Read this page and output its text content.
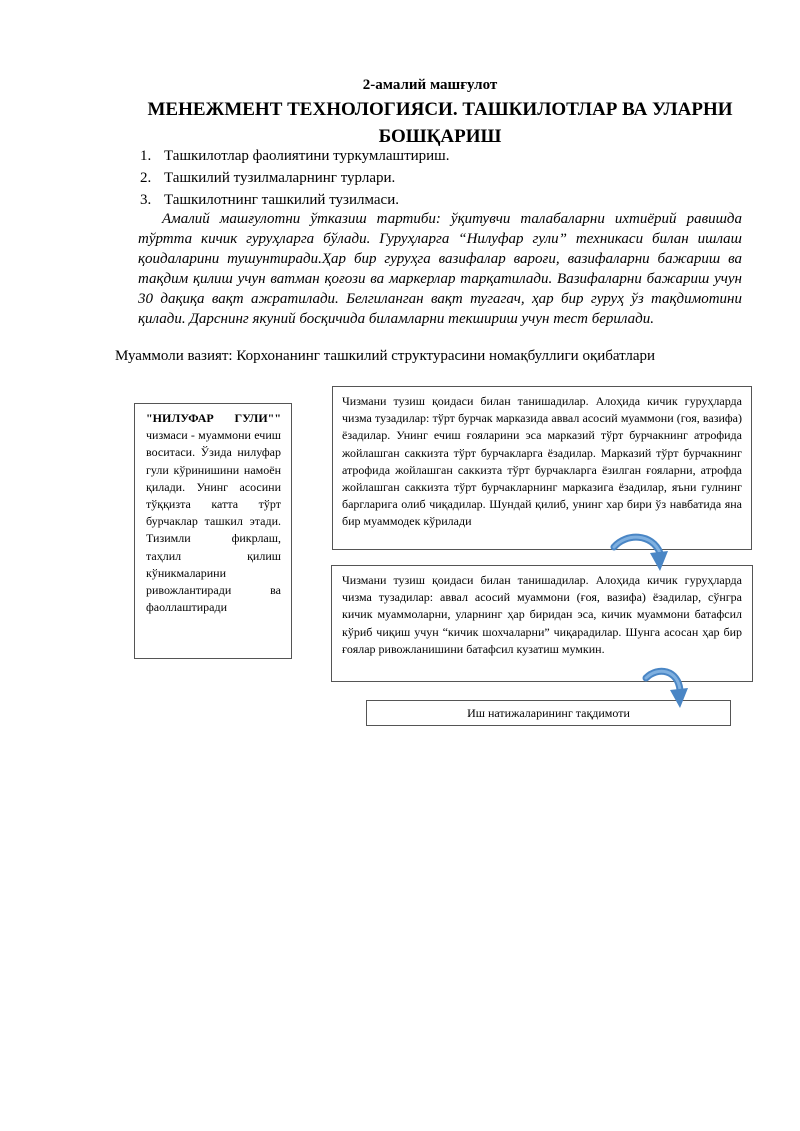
2-амалий машғулот
МЕНЕЖМЕНТ ТЕХНОЛОГИЯСИ. ТАШКИЛОТЛАР ВА УЛАРНИ БОШҚАРИШ
1. Ташкилотлар фаолиятини туркумлаштириш.
2. Ташкилий тузилмаларнинг турлари.
3. Ташкилотнинг ташкилий тузилмаси.
Амалий машғулотни ўтказиш тартиби: ўқитувчи талабаларни ихтиёрий равишда тўртта кичик гуруҳларга бўлади. Гуруҳларга “Нилуфар гули” техникаси билан ишлаш қоидаларини тушунтиради.Ҳар бир гуруҳга вазифалар вароғи, вазифаларни бажариш ва тақдим қилиш учун ватман қоғози ва маркерлар тарқатилади. Вазифаларни бажариш учун 30 дақиқа вақт ажратилади. Белгиланган вақт тугагач, ҳар бир гуруҳ ўз тақдимотини қилади. Дарснинг якуний босқичида биламларни текшириш учун тест берилади.
Муаммоли вазият: Корхонанинг ташкилий структурасини номақбуллиги оқибатлари
"НИЛУФАР ГУЛИ"" чизмаси - муаммони ечиш воситаси. Ўзида нилуфар гули кўринишини намоён қилади. Унинг асосини тўққизта катта тўрт бурчаклар ташкил этади. Тизимли фикрлаш, таҳлил қилиш кўникмаларини ривожлантиради ва фаоллаштиради
Чизмани тузиш қоидаси билан танишадилар. Алоҳида кичик гуруҳларда чизма тузадилар: тўрт бурчак марказида аввал асосий муаммони (гоя, вазифа) ёзадилар. Унинг ечиш ғояларини эса марказий тўрт бурчакнинг атрофида жойлашган саккизта тўрт бурчакларга ёзадилар. Марказий тўрт бурчакнинг атрофида жойлашган саккизта тўрт бурчакларга ёзилган ғояларни, атрофда жойлашган саккизта тўрт бурчакларнинг марказига ёзадилар, яъни гулнинг баргларига олиб чиқадилар. Шундай қилиб, унинг хар бири ўз навбатида яна бир муаммодек кўрилади
Чизмани тузиш қоидаси билан танишадилар. Алоҳида кичик гуруҳларда чизма тузадилар: аввал асосий муаммони (ғоя, вазифа) ёзадилар, сўнгра кичик муаммоларни, уларнинг ҳар биридан эса, кичик муаммони батафсил кўриб чиқиш учун “кичик шохчаларни” чиқарадилар. Шунга асосан ҳар бир ғоялар ривожланишини батафсил кузатиш мумкин.
Иш натижаларининг тақдимоти
